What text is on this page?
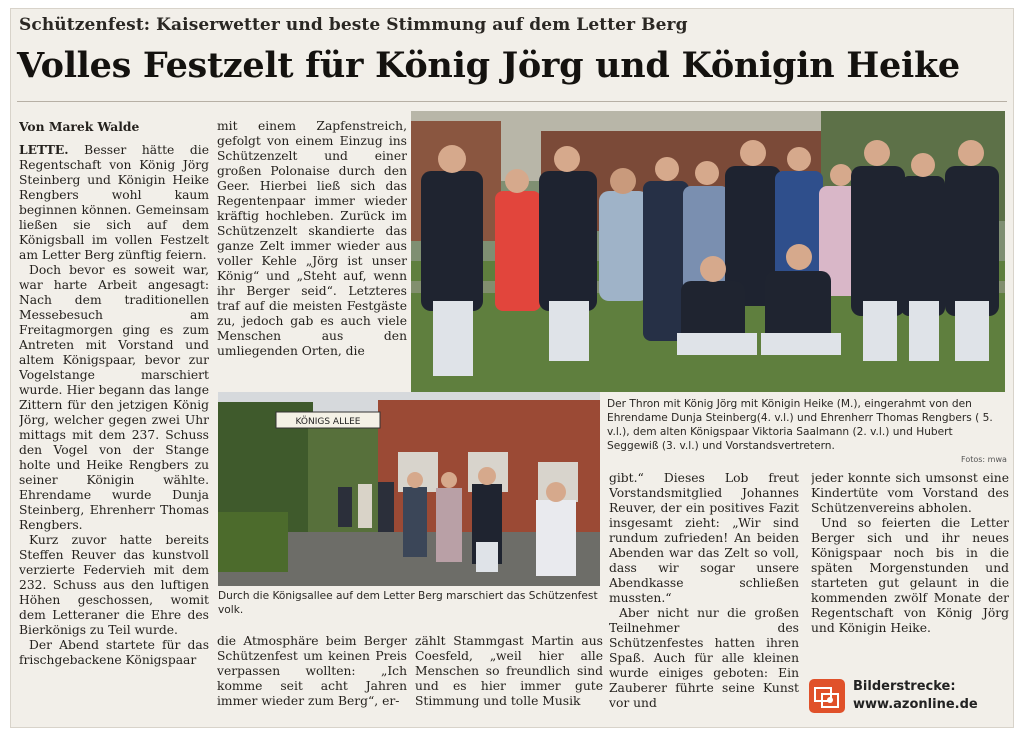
Schützenfest: Kaiserwetter und beste Stimmung auf dem Letter Berg
Volles Festzelt für König Jörg und Königin Heike

Von Marek Walde

LETTE. Besser hätte die Regentschaft von König Jörg Steinberg und Königin Heike Rengbers wohl kaum beginnen können. Gemeinsam ließen sie sich auf dem Königsball im vollen Festzelt am Letter Berg zünftig feiern.

Doch bevor es soweit war, war harte Arbeit angesagt: Nach dem traditionellen Messebesuch am Freitagmorgen ging es zum Antreten mit Vorstand und altem Königspaar, bevor zur Vogelstange marschiert wurde. Hier begann das lange Zittern für den jetzigen König Jörg, welcher gegen zwei Uhr mittags mit dem 237. Schuss den Vogel von der Stange holte und Heike Rengbers zu seiner Königin wählte. Ehrendame wurde Dunja Steinberg, Ehrenherr Thomas Rengbers.

Kurz zuvor hatte bereits Steffen Reuver das kunstvoll verzierte Federvieh mit dem 232. Schuss aus den luftigen Höhen geschossen, womit dem Letteraner die Ehre des Bierkönigs zu Teil wurde.

Der Abend startete für das frischgebackene Königspaar

mit einem Zapfenstreich, gefolgt von einem Einzug ins Schützenzelt und einer großen Polonaise durch den Geer. Hierbei ließ sich das Regentenpaar immer wieder kräftig hochleben. Zurück im Schützenzelt skandierte das ganze Zelt immer wieder aus voller Kehle „Jörg ist unser König“ und „Steht auf, wenn ihr Berger seid“. Letzteres traf auf die meisten Festgäste zu, jedoch gab es auch viele Menschen aus den umliegenden Orten, die

KÖNIGS ALLEE
Der Thron mit König Jörg mit Königin Heike (M.), eingerahmt von den Ehrendame Dunja Steinberg(4. v.l.) und Ehrenherr Thomas Rengbers ( 5. v.l.), dem alten Königspaar Viktoria Saalmann (2. v.l.) und Hubert Seggewiß (3. v.l.) und Vorstandsvertretern.
Fotos: mwa
Durch die Königsallee auf dem Letter Berg marschiert das Schützenfest volk.

die Atmosphäre beim Berger Schützenfest um keinen Preis verpassen wollten: „Ich komme seit acht Jahren immer wieder zum Berg“, er-

zählt Stammgast Martin aus Coesfeld, „weil hier alle Menschen so freundlich sind und es hier immer gute Stimmung und tolle Musik

gibt.“ Dieses Lob freut Vorstandsmitglied Johannes Reuver, der ein positives Fazit insgesamt zieht: „Wir sind rundum zufrieden! An beiden Abenden war das Zelt so voll, dass wir sogar unsere Abendkasse schließen mussten.“

Aber nicht nur die großen Teilnehmer des Schützenfestes hatten ihren Spaß. Auch für alle kleinen wurde einiges geboten: Ein Zauberer führte seine Kunst vor und

jeder konnte sich umsonst eine Kindertüte vom Vorstand des Schützenvereins abholen.

Und so feierten die Letter Berger sich und ihr neues Königspaar noch bis in die späten Morgenstunden und starteten gut gelaunt in die kommenden zwölf Monate der Regentschaft von König Jörg und Königin Heike.

Bilderstrecke:
www.azonline.de
